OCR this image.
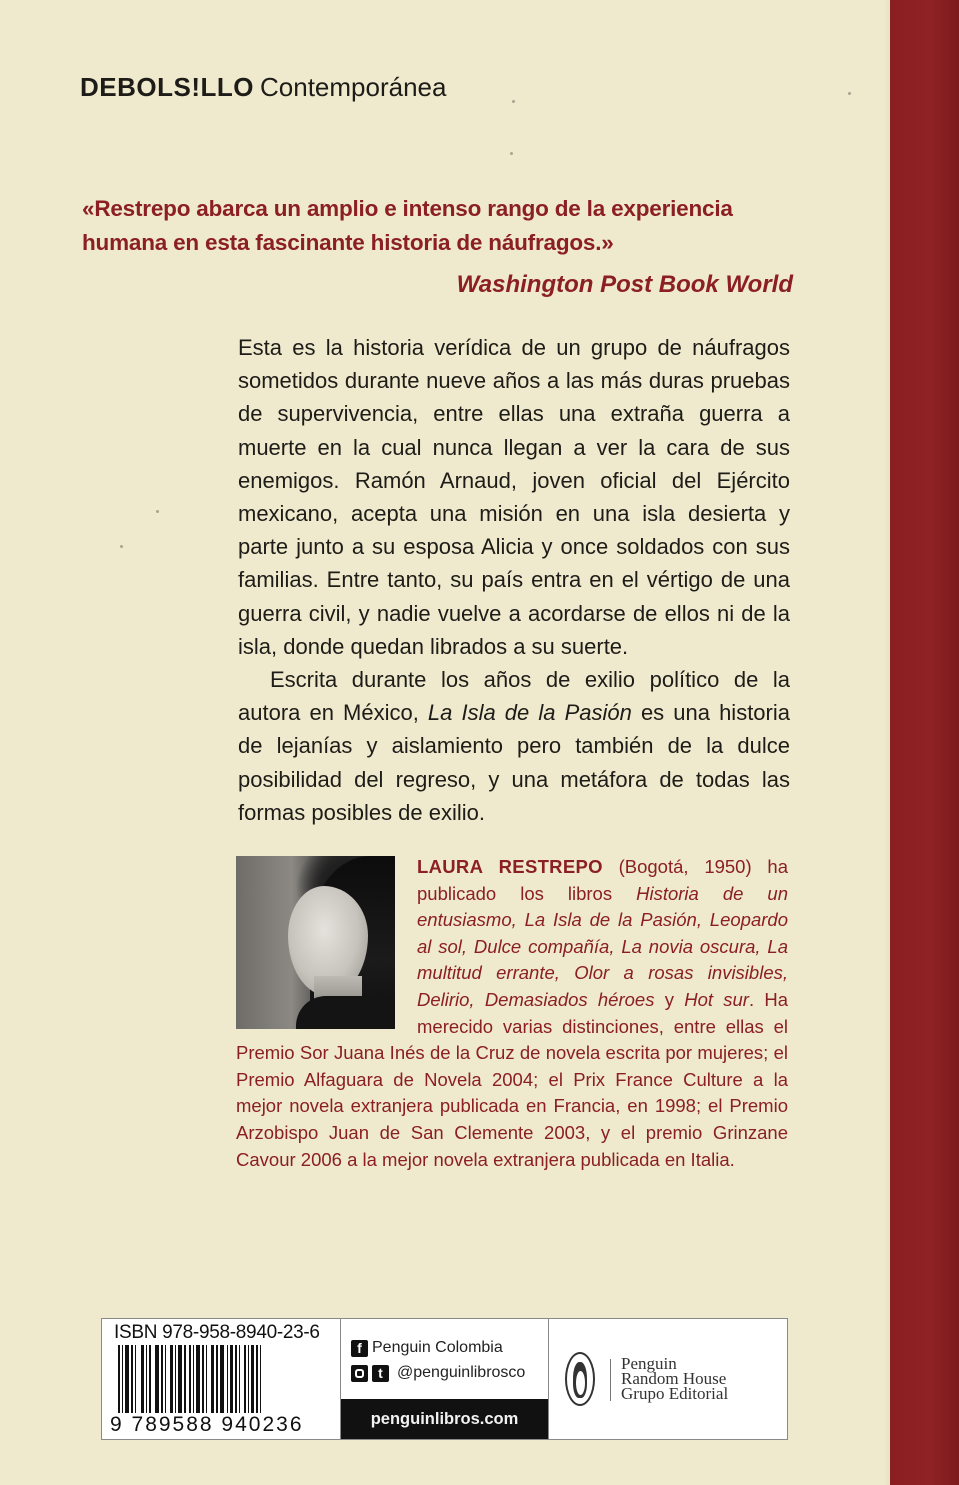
DEBOLS!LLO Contemporánea
«Restrepo abarca un amplio e intenso rango de la experiencia humana en esta fascinante historia de náufragos.»
Washington Post Book World

Esta es la historia verídica de un grupo de náufragos sometidos durante nueve años a las más duras pruebas de supervivencia, entre ellas una extraña guerra a muerte en la cual nunca llegan a ver la cara de sus enemigos. Ramón Arnaud, joven oficial del Ejército mexicano, acepta una misión en una isla desierta y parte junto a su esposa Alicia y once soldados con sus familias. Entre tanto, su país entra en el vértigo de una guerra civil, y nadie vuelve a acordarse de ellos ni de la isla, donde quedan librados a su suerte.

Escrita durante los años de exilio político de la autora en México, La Isla de la Pasión es una historia de lejanías y aislamiento pero también de la dulce posibilidad del regreso, y una metáfora de todas las formas posibles de exilio.

LAURA RESTREPO (Bogotá, 1950) ha publicado los libros Historia de un entusiasmo, La Isla de la Pasión, Leopardo al sol, Dulce compañía, La novia oscura, La multitud errante, Olor a rosas invisibles, Delirio, Demasiados héroes y Hot sur. Ha merecido varias distinciones, entre ellas el Premio Sor Juana Inés de la Cruz de novela escrita por mujeres; el Premio Alfaguara de Novela 2004; el Prix France Culture a la mejor novela extranjera publicada en Francia, en 1998; el Premio Arzobispo Juan de San Clemente 2003, y el premio Grinzane Cavour 2006 a la mejor novela extranjera publicada en Italia.
ISBN 978-958-8940-23-6
9 789588 940236
f Penguin Colombia
t @penguinlibrosco
penguinlibros.com
Penguin
Random House
Grupo Editorial
